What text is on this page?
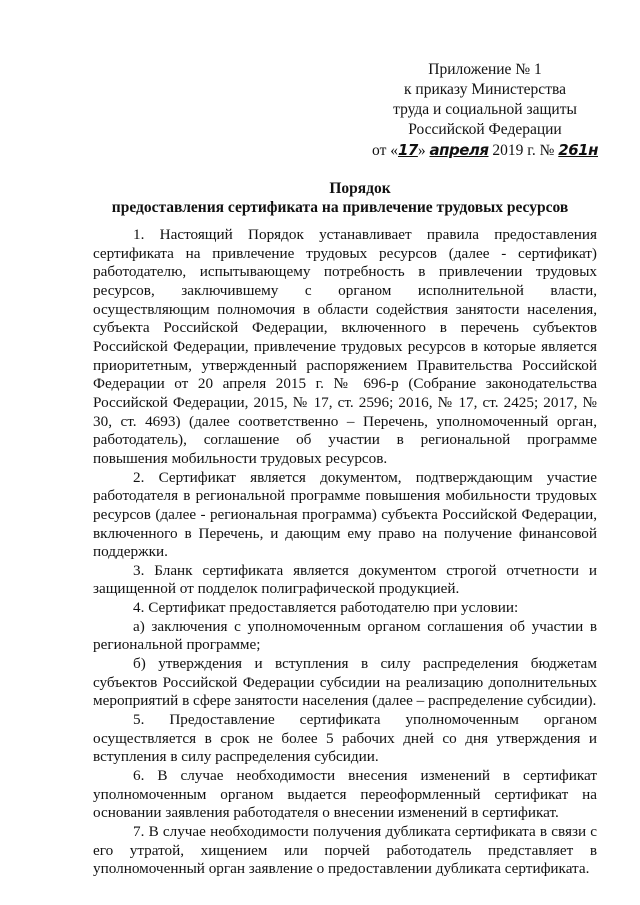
Приложение № 1
к приказу Министерства
труда и социальной защиты
Российской Федерации
от «17» апреля 2019 г. № 261н
Порядок
предоставления сертификата на привлечение трудовых ресурсов

1. Настоящий Порядок устанавливает правила предоставления сертификата на привлечение трудовых ресурсов (далее - сертификат) работодателю, испытывающему потребность в привлечении трудовых ресурсов, заключившему с органом исполнительной власти, осуществляющим полномочия в области содействия занятости населения, субъекта Российской Федерации, включенного в перечень субъектов Российской Федерации, привлечение трудовых ресурсов в которые является приоритетным, утвержденный распоряжением Правительства Российской Федерации от 20 апреля 2015 г. № 696-р (Собрание законодательства Российской Федерации, 2015, № 17, ст. 2596; 2016, № 17, ст. 2425; 2017, № 30, ст. 4693) (далее соответственно – Перечень, уполномоченный орган, работодатель), соглашение об участии в региональной программе повышения мобильности трудовых ресурсов.

2. Сертификат является документом, подтверждающим участие работодателя в региональной программе повышения мобильности трудовых ресурсов (далее - региональная программа) субъекта Российской Федерации, включенного в Перечень, и дающим ему право на получение финансовой поддержки.

3. Бланк сертификата является документом строгой отчетности и защищенной от подделок полиграфической продукцией.

4. Сертификат предоставляется работодателю при условии:

а) заключения с уполномоченным органом соглашения об участии в региональной программе;

б) утверждения и вступления в силу распределения бюджетам субъектов Российской Федерации субсидии на реализацию дополнительных мероприятий в сфере занятости населения (далее – распределение субсидии).

5. Предоставление сертификата уполномоченным органом осуществляется в срок не более 5 рабочих дней со дня утверждения и вступления в силу распределения субсидии.

6. В случае необходимости внесения изменений в сертификат уполномоченным органом выдается переоформленный сертификат на основании заявления работодателя о внесении изменений в сертификат.

7. В случае необходимости получения дубликата сертификата в связи с его утратой, хищением или порчей работодатель представляет в уполномоченный орган заявление о предоставлении дубликата сертификата.
